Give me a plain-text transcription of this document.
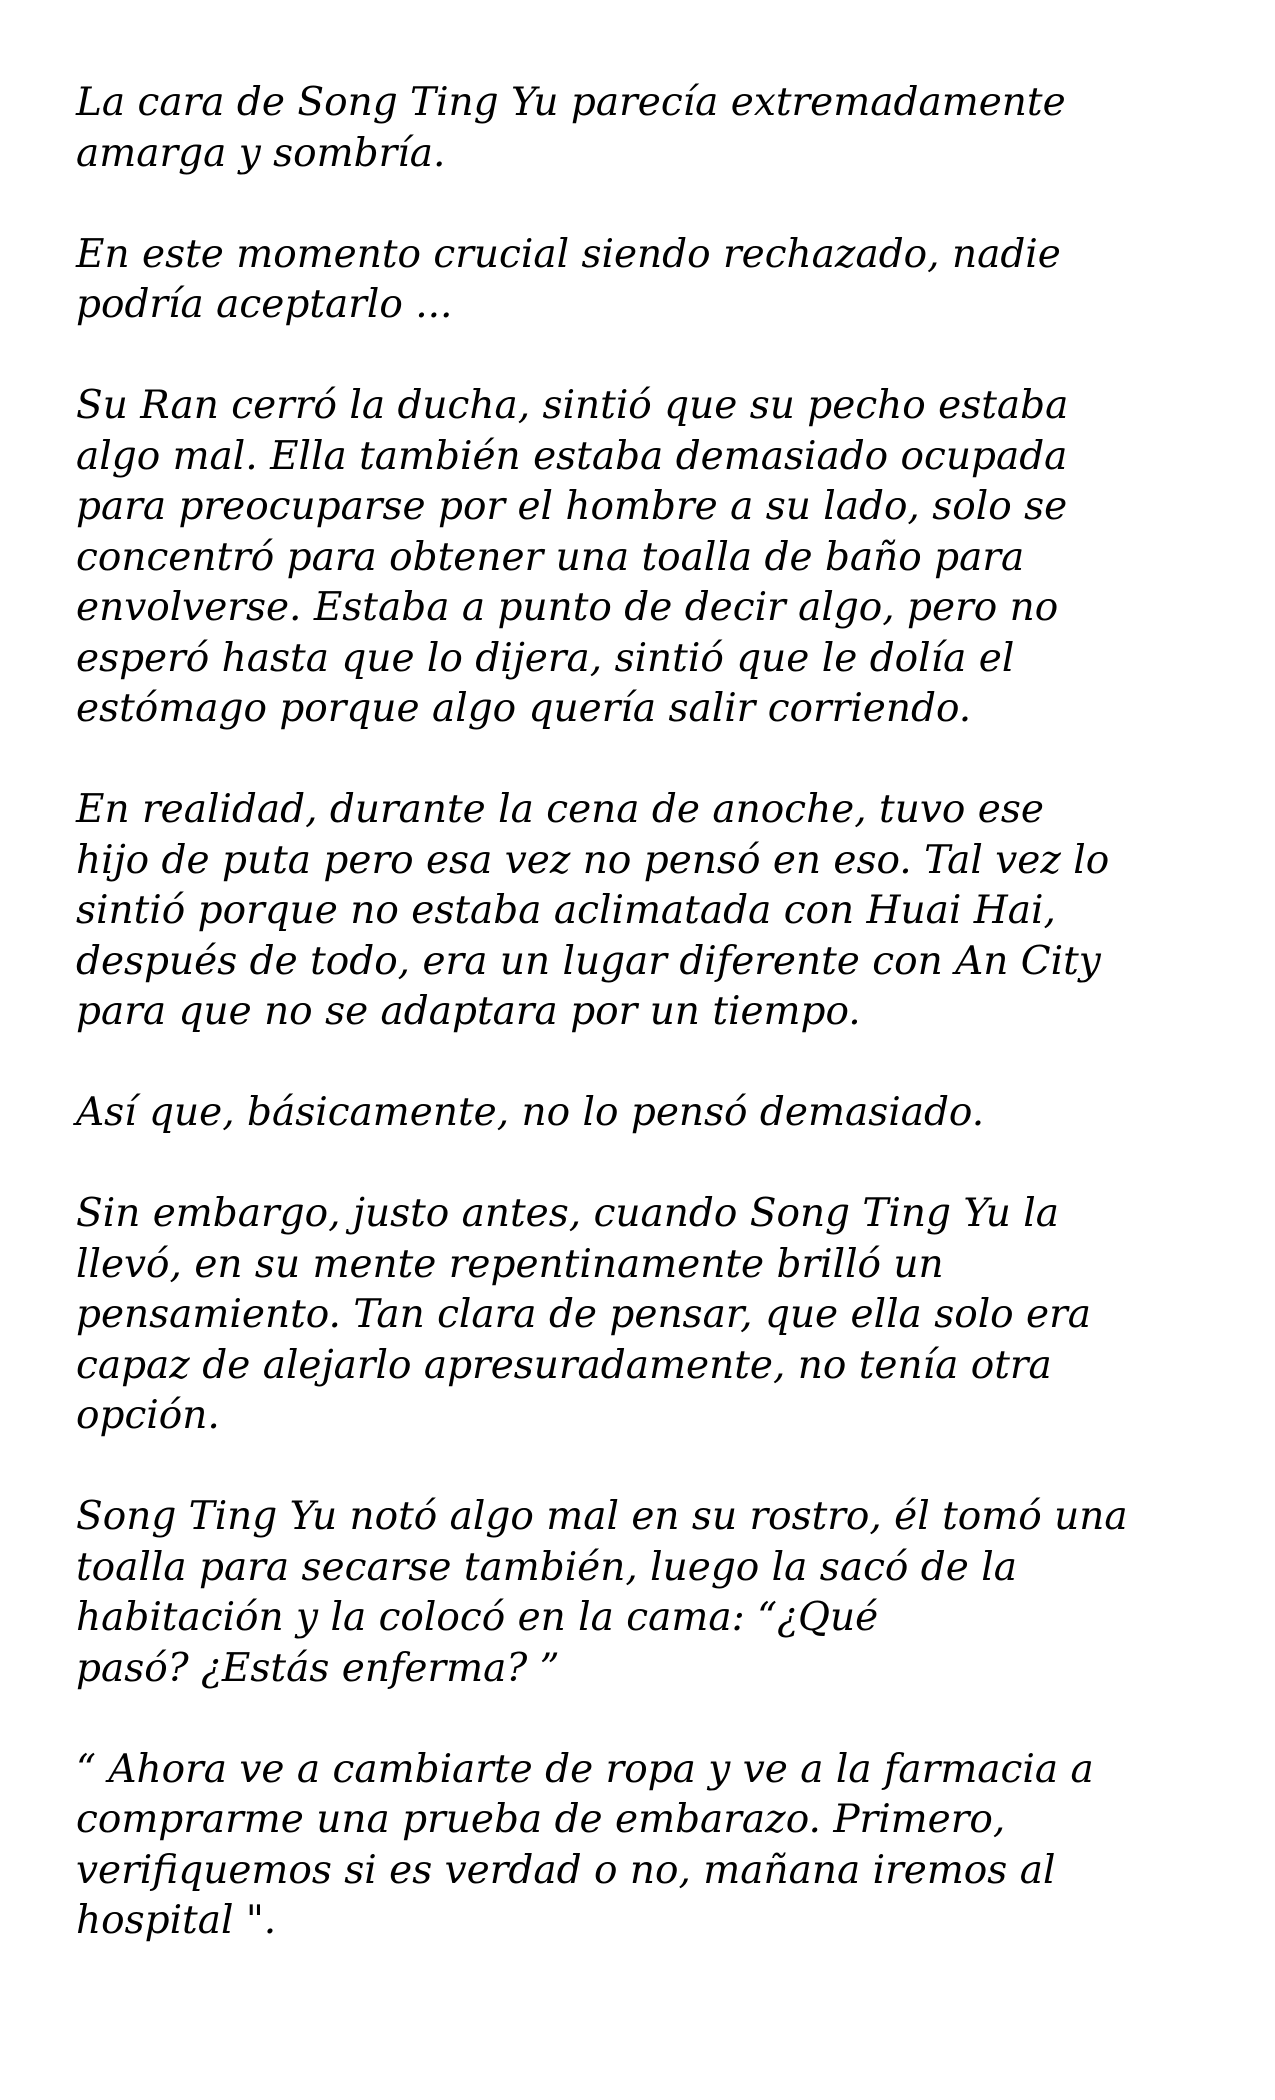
La cara de Song Ting Yu parecía extremadamente
amarga y sombría.

En este momento crucial siendo rechazado, nadie
podría aceptarlo ...

Su Ran cerró la ducha, sintió que su pecho estaba
algo mal. Ella también estaba demasiado ocupada
para preocuparse por el hombre a su lado, solo se
concentró para obtener una toalla de baño para
envolverse. Estaba a punto de decir algo, pero no
esperó hasta que lo dijera, sintió que le dolía el
estómago porque algo quería salir corriendo.

En realidad, durante la cena de anoche, tuvo ese
hijo de puta pero esa vez no pensó en eso. Tal vez lo
sintió porque no estaba aclimatada con Huai Hai,
después de todo, era un lugar diferente con An City
para que no se adaptara por un tiempo.

Así que, básicamente, no lo pensó demasiado.

Sin embargo, justo antes, cuando Song Ting Yu la
llevó, en su mente repentinamente brilló un
pensamiento. Tan clara de pensar, que ella solo era
capaz de alejarlo apresuradamente, no tenía otra
opción.

Song Ting Yu notó algo mal en su rostro, él tomó una
toalla para secarse también, luego la sacó de la
habitación y la colocó en la cama: “¿Qué
pasó? ¿Estás enferma? ”

“ Ahora ve a cambiarte de ropa y ve a la farmacia a
comprarme una prueba de embarazo. Primero,
verifiquemos si es verdad o no, mañana iremos al
hospital ".
